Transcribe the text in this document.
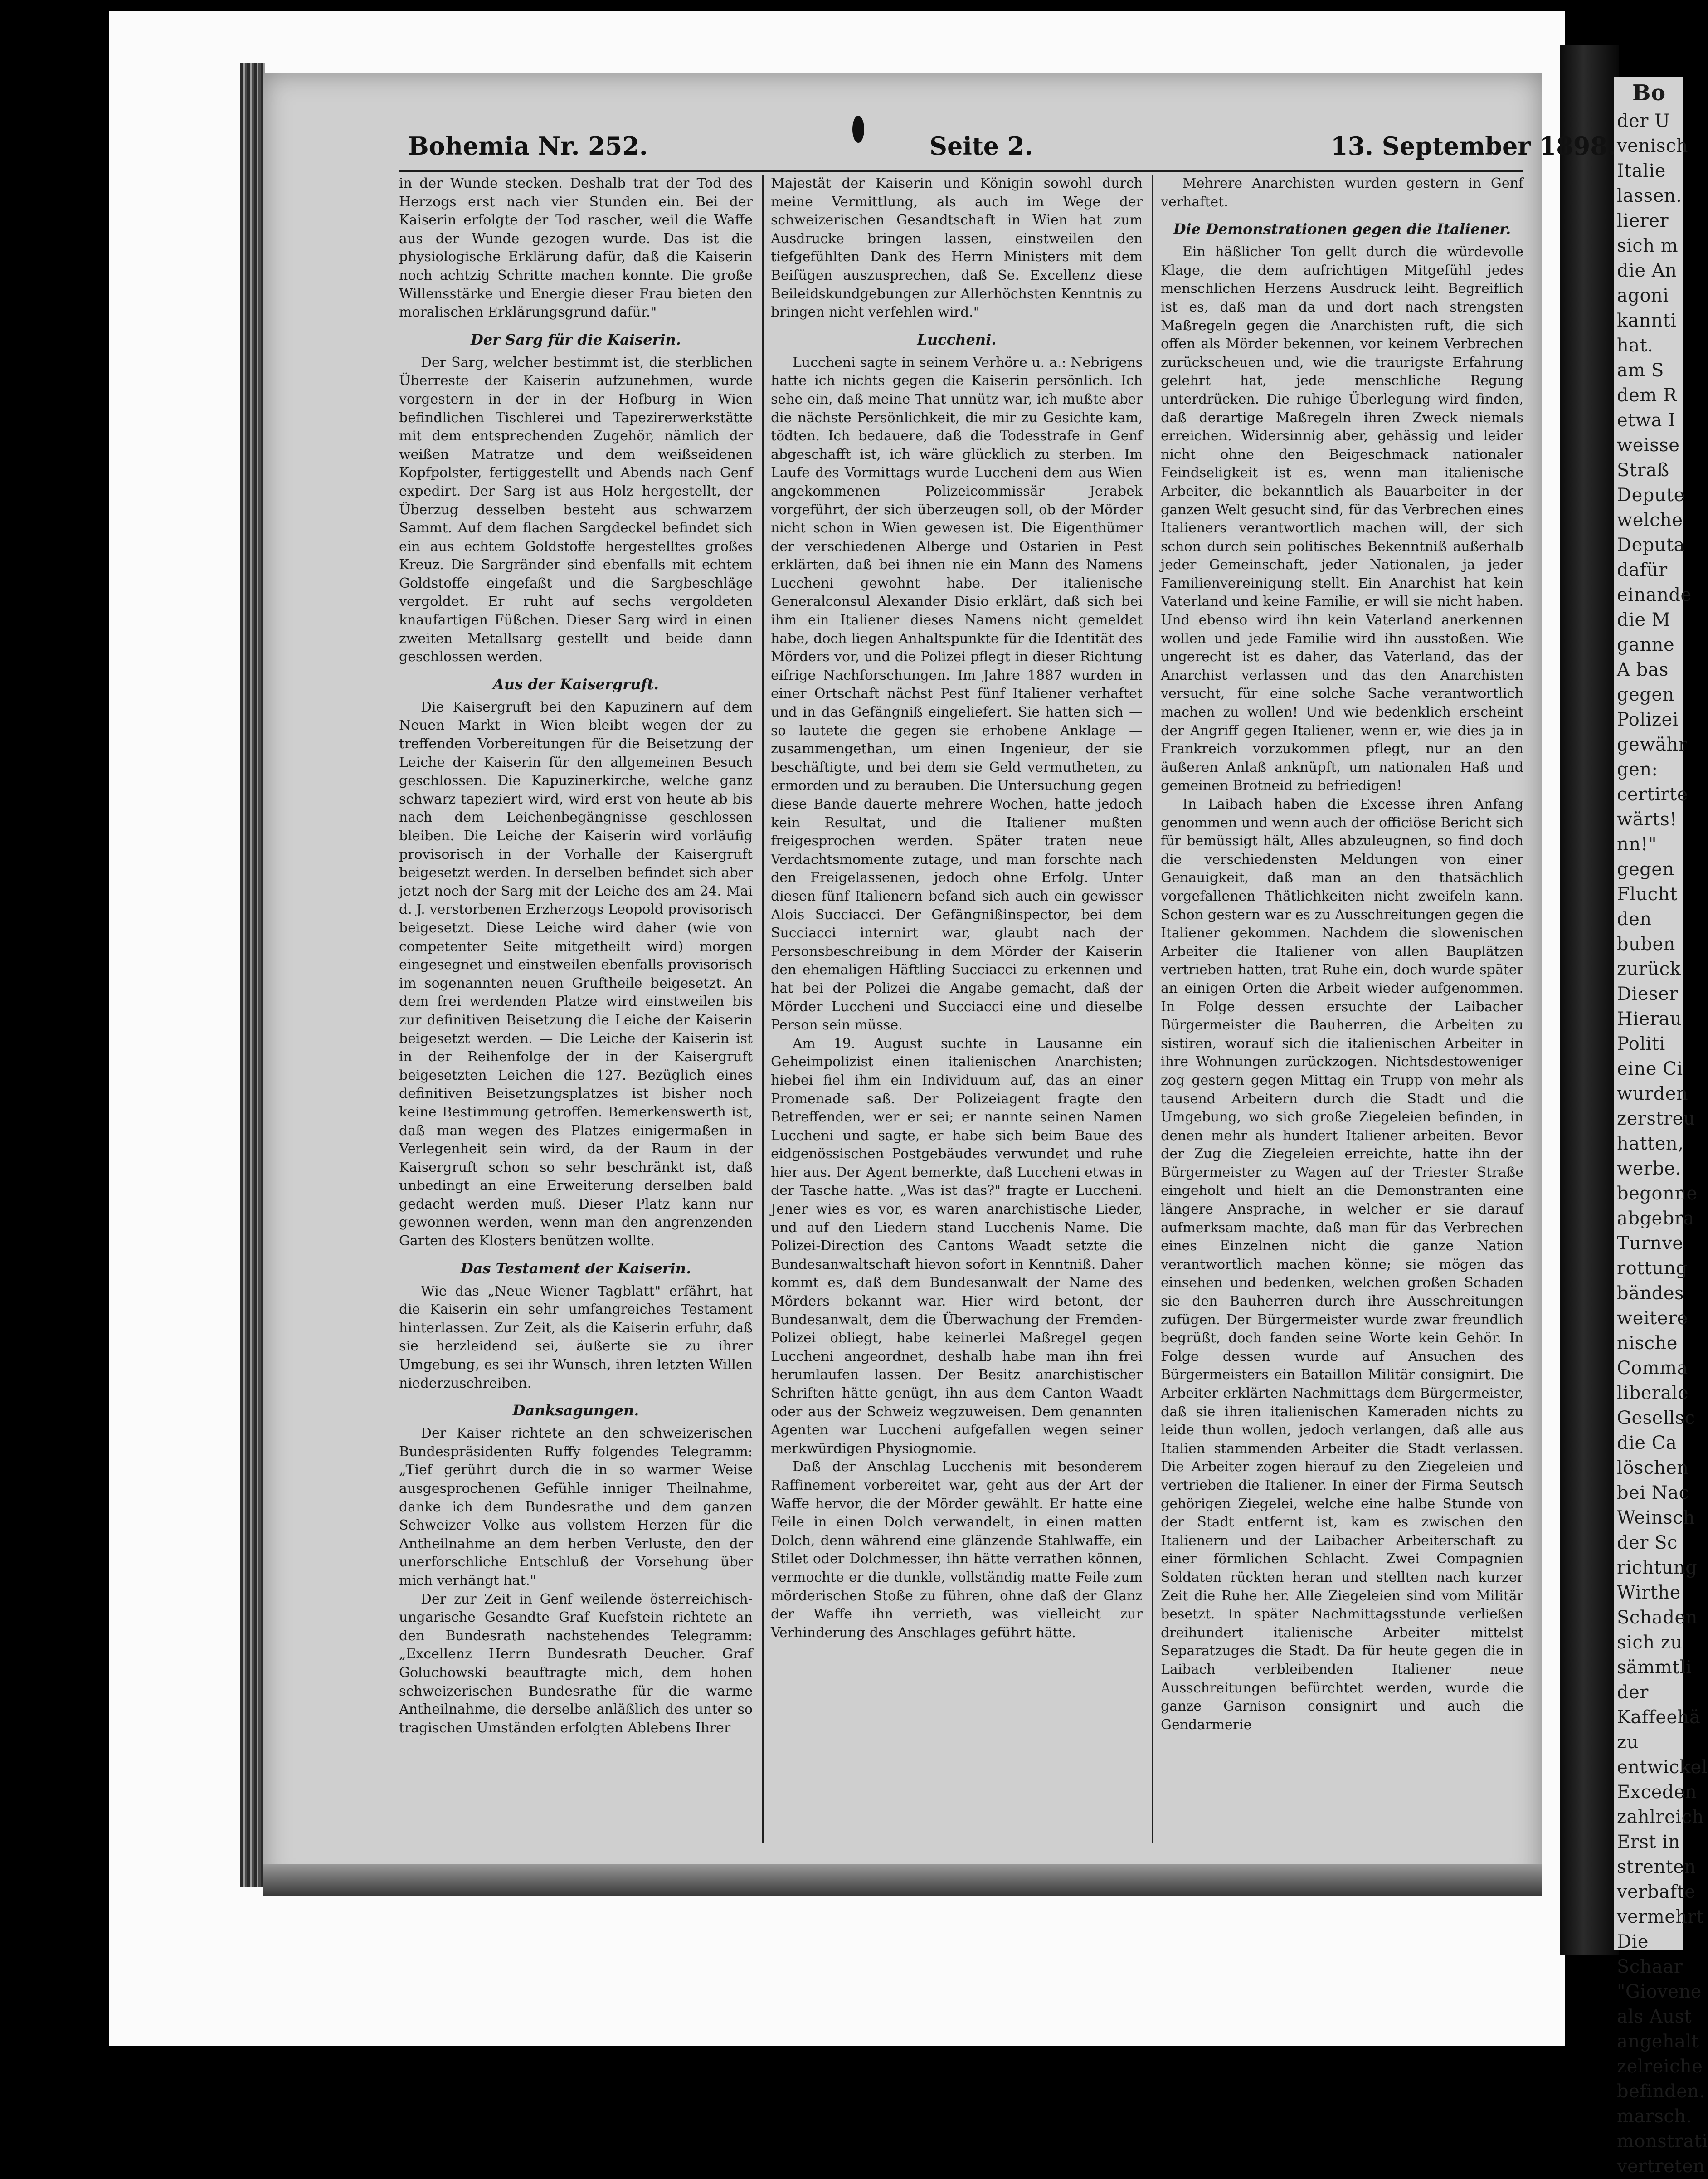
Bo
der U
venisch
Italie
lassen.
lierer
sich m
die An
agoni
kannti
hat.
am S
dem R
etwa I
weisse
Straß
Depute
welche
Deputa
dafür
einande
die M
ganne
A bas
gegen
Polizei
gewähr
gen:
certirte
wärts!
nn!"
gegen
Flucht
den
buben
zurück
Dieser
Hierau
Politi
eine Ci
wurden
zerstreu
hatten,
werbe.
begonne
abgebra
Turnve
rottung
bändes
weitere
nische
Comma
liberale
Gesellsc
die Ca
löschen
bei Nac
Weinsch
der Sc
richtung
Wirthe
Schaden
sich zu
sämmtli
der
Kaffeehä
zu
entwickel
Exceden
zahlreich
Erst in
strenten
verbafte
vermehrt
Die
Schaar
"Giovene
als Aust
angehalt
zelreiche
befinden.
marsch.
monstrati
vertreten
Bohemia Nr. 252.	Seite 2.	13. September 1898.

in der Wunde stecken. Deshalb trat der Tod des Herzogs erst nach vier Stunden ein. Bei der Kaiserin erfolgte der Tod rascher, weil die Waffe aus der Wunde gezogen wurde. Das ist die physiologische Erklärung dafür, daß die Kaiserin noch achtzig Schritte machen konnte. Die große Willensstärke und Energie dieser Frau bieten den moralischen Erklärungsgrund dafür."

Der Sarg für die Kaiserin.

Der Sarg, welcher bestimmt ist, die sterblichen Überreste der Kaiserin aufzunehmen, wurde vorgestern in der in der Hofburg in Wien befindlichen Tischlerei und Tapezirerwerkstätte mit dem entsprechenden Zugehör, nämlich der weißen Matratze und dem weißseidenen Kopfpolster, fertiggestellt und Abends nach Genf expedirt. Der Sarg ist aus Holz hergestellt, der Überzug desselben besteht aus schwarzem Sammt. Auf dem flachen Sargdeckel befindet sich ein aus echtem Goldstoffe hergestelltes großes Kreuz. Die Sargränder sind ebenfalls mit echtem Goldstoffe eingefaßt und die Sargbeschläge vergoldet. Er ruht auf sechs vergoldeten knaufartigen Füßchen. Dieser Sarg wird in einen zweiten Metallsarg gestellt und beide dann geschlossen werden.

Aus der Kaisergruft.

Die Kaisergruft bei den Kapuzinern auf dem Neuen Markt in Wien bleibt wegen der zu treffenden Vorbereitungen für die Beisetzung der Leiche der Kaiserin für den allgemeinen Besuch geschlossen. Die Kapuzinerkirche, welche ganz schwarz tapeziert wird, wird erst von heute ab bis nach dem Leichenbegängnisse geschlossen bleiben. Die Leiche der Kaiserin wird vorläufig provisorisch in der Vorhalle der Kaisergruft beigesetzt werden. In derselben befindet sich aber jetzt noch der Sarg mit der Leiche des am 24. Mai d. J. verstorbenen Erzherzogs Leopold provisorisch beigesetzt. Diese Leiche wird daher (wie von competenter Seite mitgetheilt wird) morgen eingesegnet und einstweilen ebenfalls provisorisch im sogenannten neuen Gruftheile beigesetzt. An dem frei werdenden Platze wird einstweilen bis zur definitiven Beisetzung die Leiche der Kaiserin beigesetzt werden. — Die Leiche der Kaiserin ist in der Reihenfolge der in der Kaisergruft beigesetzten Leichen die 127. Bezüglich eines definitiven Beisetzungsplatzes ist bisher noch keine Bestimmung getroffen. Bemerkenswerth ist, daß man wegen des Platzes einigermaßen in Verlegenheit sein wird, da der Raum in der Kaisergruft schon so sehr beschränkt ist, daß unbedingt an eine Erweiterung derselben bald gedacht werden muß. Dieser Platz kann nur gewonnen werden, wenn man den angrenzenden Garten des Klosters benützen wollte.

Das Testament der Kaiserin.

Wie das „Neue Wiener Tagblatt" erfährt, hat die Kaiserin ein sehr umfangreiches Testament hinterlassen. Zur Zeit, als die Kaiserin erfuhr, daß sie herzleidend sei, äußerte sie zu ihrer Umgebung, es sei ihr Wunsch, ihren letzten Willen niederzuschreiben.

Danksagungen.

Der Kaiser richtete an den schweizerischen Bundespräsidenten Ruffy folgendes Telegramm: „Tief gerührt durch die in so warmer Weise ausgesprochenen Gefühle inniger Theilnahme, danke ich dem Bundesrathe und dem ganzen Schweizer Volke aus vollstem Herzen für die Antheilnahme an dem herben Verluste, den der unerforschliche Entschluß der Vorsehung über mich verhängt hat."

Der zur Zeit in Genf weilende österreichisch-ungarische Gesandte Graf Kuefstein richtete an den Bundesrath nachstehendes Telegramm: „Excellenz Herrn Bundesrath Deucher. Graf Goluchowski beauftragte mich, dem hohen schweizerischen Bundesrathe für die warme Antheilnahme, die derselbe anläßlich des unter so tragischen Umständen erfolgten Ablebens Ihrer

Majestät der Kaiserin und Königin sowohl durch meine Vermittlung, als auch im Wege der schweizerischen Gesandtschaft in Wien hat zum Ausdrucke bringen lassen, einstweilen den tiefgefühlten Dank des Herrn Ministers mit dem Beifügen auszusprechen, daß Se. Excellenz diese Beileidskundgebungen zur Allerhöchsten Kenntnis zu bringen nicht verfehlen wird."

Luccheni.

Luccheni sagte in seinem Verhöre u. a.: Nebrigens hatte ich nichts gegen die Kaiserin persönlich. Ich sehe ein, daß meine That unnütz war, ich mußte aber die nächste Persönlichkeit, die mir zu Gesichte kam, tödten. Ich bedauere, daß die Todesstrafe in Genf abgeschafft ist, ich wäre glücklich zu sterben. Im Laufe des Vormittags wurde Luccheni dem aus Wien angekommenen Polizeicommissär Jerabek vorgeführt, der sich überzeugen soll, ob der Mörder nicht schon in Wien gewesen ist. Die Eigenthümer der verschiedenen Alberge und Ostarien in Pest erklärten, daß bei ihnen nie ein Mann des Namens Luccheni gewohnt habe. Der italienische Generalconsul Alexander Disio erklärt, daß sich bei ihm ein Italiener dieses Namens nicht gemeldet habe, doch liegen Anhaltspunkte für die Identität des Mörders vor, und die Polizei pflegt in dieser Richtung eifrige Nachforschungen. Im Jahre 1887 wurden in einer Ortschaft nächst Pest fünf Italiener verhaftet und in das Gefängniß eingeliefert. Sie hatten sich — so lautete die gegen sie erhobene Anklage — zusammengethan, um einen Ingenieur, der sie beschäftigte, und bei dem sie Geld vermutheten, zu ermorden und zu berauben. Die Untersuchung gegen diese Bande dauerte mehrere Wochen, hatte jedoch kein Resultat, und die Italiener mußten freigesprochen werden. Später traten neue Verdachtsmomente zutage, und man forschte nach den Freigelassenen, jedoch ohne Erfolg. Unter diesen fünf Italienern befand sich auch ein gewisser Alois Succiacci. Der Gefängnißinspector, bei dem Succiacci internirt war, glaubt nach der Personsbeschreibung in dem Mörder der Kaiserin den ehemaligen Häftling Succiacci zu erkennen und hat bei der Polizei die Angabe gemacht, daß der Mörder Luccheni und Succiacci eine und dieselbe Person sein müsse.

Am 19. August suchte in Lausanne ein Geheimpolizist einen italienischen Anarchisten; hiebei fiel ihm ein Individuum auf, das an einer Promenade saß. Der Polizeiagent fragte den Betreffenden, wer er sei; er nannte seinen Namen Luccheni und sagte, er habe sich beim Baue des eidgenössischen Postgebäudes verwundet und ruhe hier aus. Der Agent bemerkte, daß Luccheni etwas in der Tasche hatte. „Was ist das?" fragte er Luccheni. Jener wies es vor, es waren anarchistische Lieder, und auf den Liedern stand Lucchenis Name. Die Polizei-Direction des Cantons Waadt setzte die Bundesanwaltschaft hievon sofort in Kenntniß. Daher kommt es, daß dem Bundesanwalt der Name des Mörders bekannt war. Hier wird betont, der Bundesanwalt, dem die Überwachung der Fremden-Polizei obliegt, habe keinerlei Maßregel gegen Luccheni angeordnet, deshalb habe man ihn frei herumlaufen lassen. Der Besitz anarchistischer Schriften hätte genügt, ihn aus dem Canton Waadt oder aus der Schweiz wegzuweisen. Dem genannten Agenten war Luccheni aufgefallen wegen seiner merkwürdigen Physiognomie.

Daß der Anschlag Lucchenis mit besonderem Raffinement vorbereitet war, geht aus der Art der Waffe hervor, die der Mörder gewählt. Er hatte eine Feile in einen Dolch verwandelt, in einen matten Dolch, denn während eine glänzende Stahlwaffe, ein Stilet oder Dolchmesser, ihn hätte verrathen können, vermochte er die dunkle, vollständig matte Feile zum mörderischen Stoße zu führen, ohne daß der Glanz der Waffe ihn verrieth, was vielleicht zur Verhinderung des Anschlages geführt hätte.

Mehrere Anarchisten wurden gestern in Genf verhaftet.

Die Demonstrationen gegen die Italiener.

Ein häßlicher Ton gellt durch die würdevolle Klage, die dem aufrichtigen Mitgefühl jedes menschlichen Herzens Ausdruck leiht. Begreiflich ist es, daß man da und dort nach strengsten Maßregeln gegen die Anarchisten ruft, die sich offen als Mörder bekennen, vor keinem Verbrechen zurückscheuen und, wie die traurigste Erfahrung gelehrt hat, jede menschliche Regung unterdrücken. Die ruhige Überlegung wird finden, daß derartige Maßregeln ihren Zweck niemals erreichen. Widersinnig aber, gehässig und leider nicht ohne den Beigeschmack nationaler Feindseligkeit ist es, wenn man italienische Arbeiter, die bekanntlich als Bauarbeiter in der ganzen Welt gesucht sind, für das Verbrechen eines Italieners verantwortlich machen will, der sich schon durch sein politisches Bekenntniß außerhalb jeder Gemeinschaft, jeder Nationalen, ja jeder Familienvereinigung stellt. Ein Anarchist hat kein Vaterland und keine Familie, er will sie nicht haben. Und ebenso wird ihn kein Vaterland anerkennen wollen und jede Familie wird ihn ausstoßen. Wie ungerecht ist es daher, das Vaterland, das der Anarchist verlassen und das den Anarchisten versucht, für eine solche Sache verantwortlich machen zu wollen! Und wie bedenklich erscheint der Angriff gegen Italiener, wenn er, wie dies ja in Frankreich vorzukommen pflegt, nur an den äußeren Anlaß anknüpft, um nationalen Haß und gemeinen Brotneid zu befriedigen!

In Laibach haben die Excesse ihren Anfang genommen und wenn auch der officiöse Bericht sich für bemüssigt hält, Alles abzuleugnen, so find doch die verschiedensten Meldungen von einer Genauigkeit, daß man an den thatsächlich vorgefallenen Thätlichkeiten nicht zweifeln kann. Schon gestern war es zu Ausschreitungen gegen die Italiener gekommen. Nachdem die slowenischen Arbeiter die Italiener von allen Bauplätzen vertrieben hatten, trat Ruhe ein, doch wurde später an einigen Orten die Arbeit wieder aufgenommen. In Folge dessen ersuchte der Laibacher Bürgermeister die Bauherren, die Arbeiten zu sistiren, worauf sich die italienischen Arbeiter in ihre Wohnungen zurückzogen. Nichtsdestoweniger zog gestern gegen Mittag ein Trupp von mehr als tausend Arbeitern durch die Stadt und die Umgebung, wo sich große Ziegeleien befinden, in denen mehr als hundert Italiener arbeiten. Bevor der Zug die Ziegeleien erreichte, hatte ihn der Bürgermeister zu Wagen auf der Triester Straße eingeholt und hielt an die Demonstranten eine längere Ansprache, in welcher er sie darauf aufmerksam machte, daß man für das Verbrechen eines Einzelnen nicht die ganze Nation verantwortlich machen könne; sie mögen das einsehen und bedenken, welchen großen Schaden sie den Bauherren durch ihre Ausschreitungen zufügen. Der Bürgermeister wurde zwar freundlich begrüßt, doch fanden seine Worte kein Gehör. In Folge dessen wurde auf Ansuchen des Bürgermeisters ein Bataillon Militär consignirt. Die Arbeiter erklärten Nachmittags dem Bürgermeister, daß sie ihren italienischen Kameraden nichts zu leide thun wollen, jedoch verlangen, daß alle aus Italien stammenden Arbeiter die Stadt verlassen. Die Arbeiter zogen hierauf zu den Ziegeleien und vertrieben die Italiener. In einer der Firma Seutsch gehörigen Ziegelei, welche eine halbe Stunde von der Stadt entfernt ist, kam es zwischen den Italienern und der Laibacher Arbeiterschaft zu einer förmlichen Schlacht. Zwei Compagnien Soldaten rückten heran und stellten nach kurzer Zeit die Ruhe her. Alle Ziegeleien sind vom Militär besetzt. In später Nachmittagsstunde verließen dreihundert italienische Arbeiter mittelst Separatzuges die Stadt. Da für heute gegen die in Laibach verbleibenden Italiener neue Ausschreitungen befürchtet werden, wurde die ganze Garnison consignirt und auch die Gendarmerie
